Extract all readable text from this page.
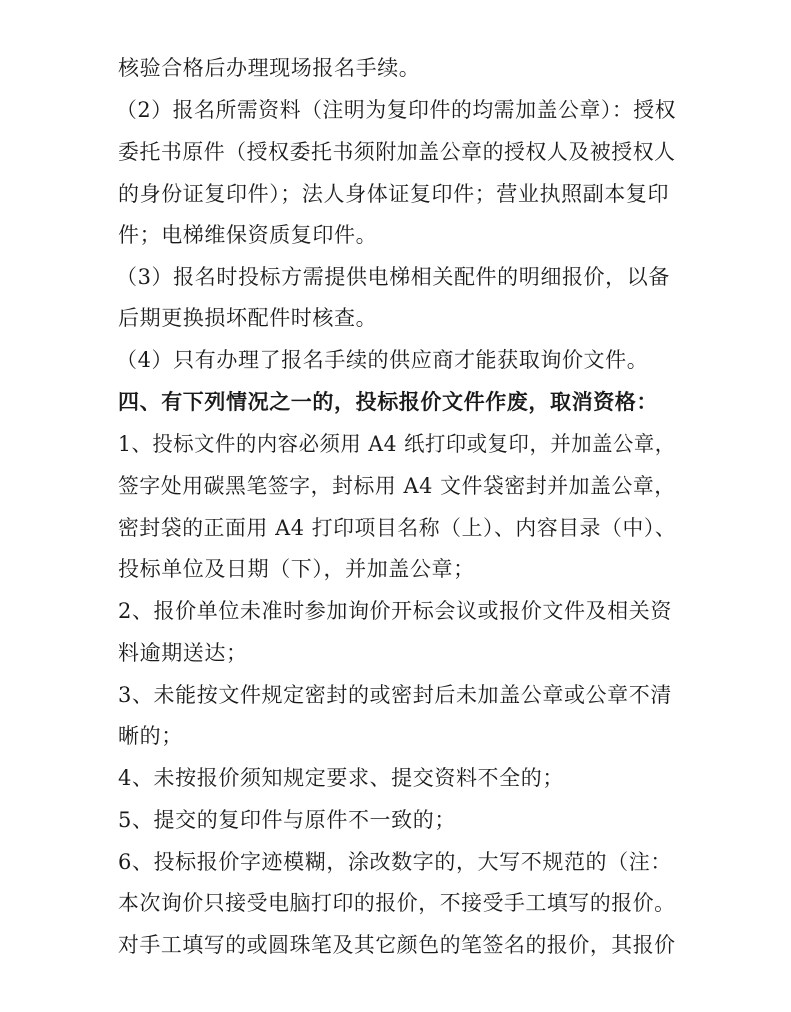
核验合格后办理现场报名手续。
（2）报名所需资料（注明为复印件的均需加盖公章）：授权
委托书原件（授权委托书须附加盖公章的授权人及被授权人
的身份证复印件）；法人身体证复印件；营业执照副本复印
件；电梯维保资质复印件。
（3）报名时投标方需提供电梯相关配件的明细报价，以备
后期更换损坏配件时核查。
（4）只有办理了报名手续的供应商才能获取询价文件。
四、有下列情况之一的，投标报价文件作废，取消资格：
1、投标文件的内容必须用 A4 纸打印或复印，并加盖公章，
签字处用碳黑笔签字，封标用 A4 文件袋密封并加盖公章，
密封袋的正面用 A4 打印项目名称（上）、内容目录（中）、
投标单位及日期（下），并加盖公章；
2、报价单位未准时参加询价开标会议或报价文件及相关资
料逾期送达；
3、未能按文件规定密封的或密封后未加盖公章或公章不清
晰的；
4、未按报价须知规定要求、提交资料不全的；
5、提交的复印件与原件不一致的；
6、投标报价字迹模糊，涂改数字的，大写不规范的（注：
本次询价只接受电脑打印的报价，不接受手工填写的报价。
对手工填写的或圆珠笔及其它颜色的笔签名的报价，其报价
